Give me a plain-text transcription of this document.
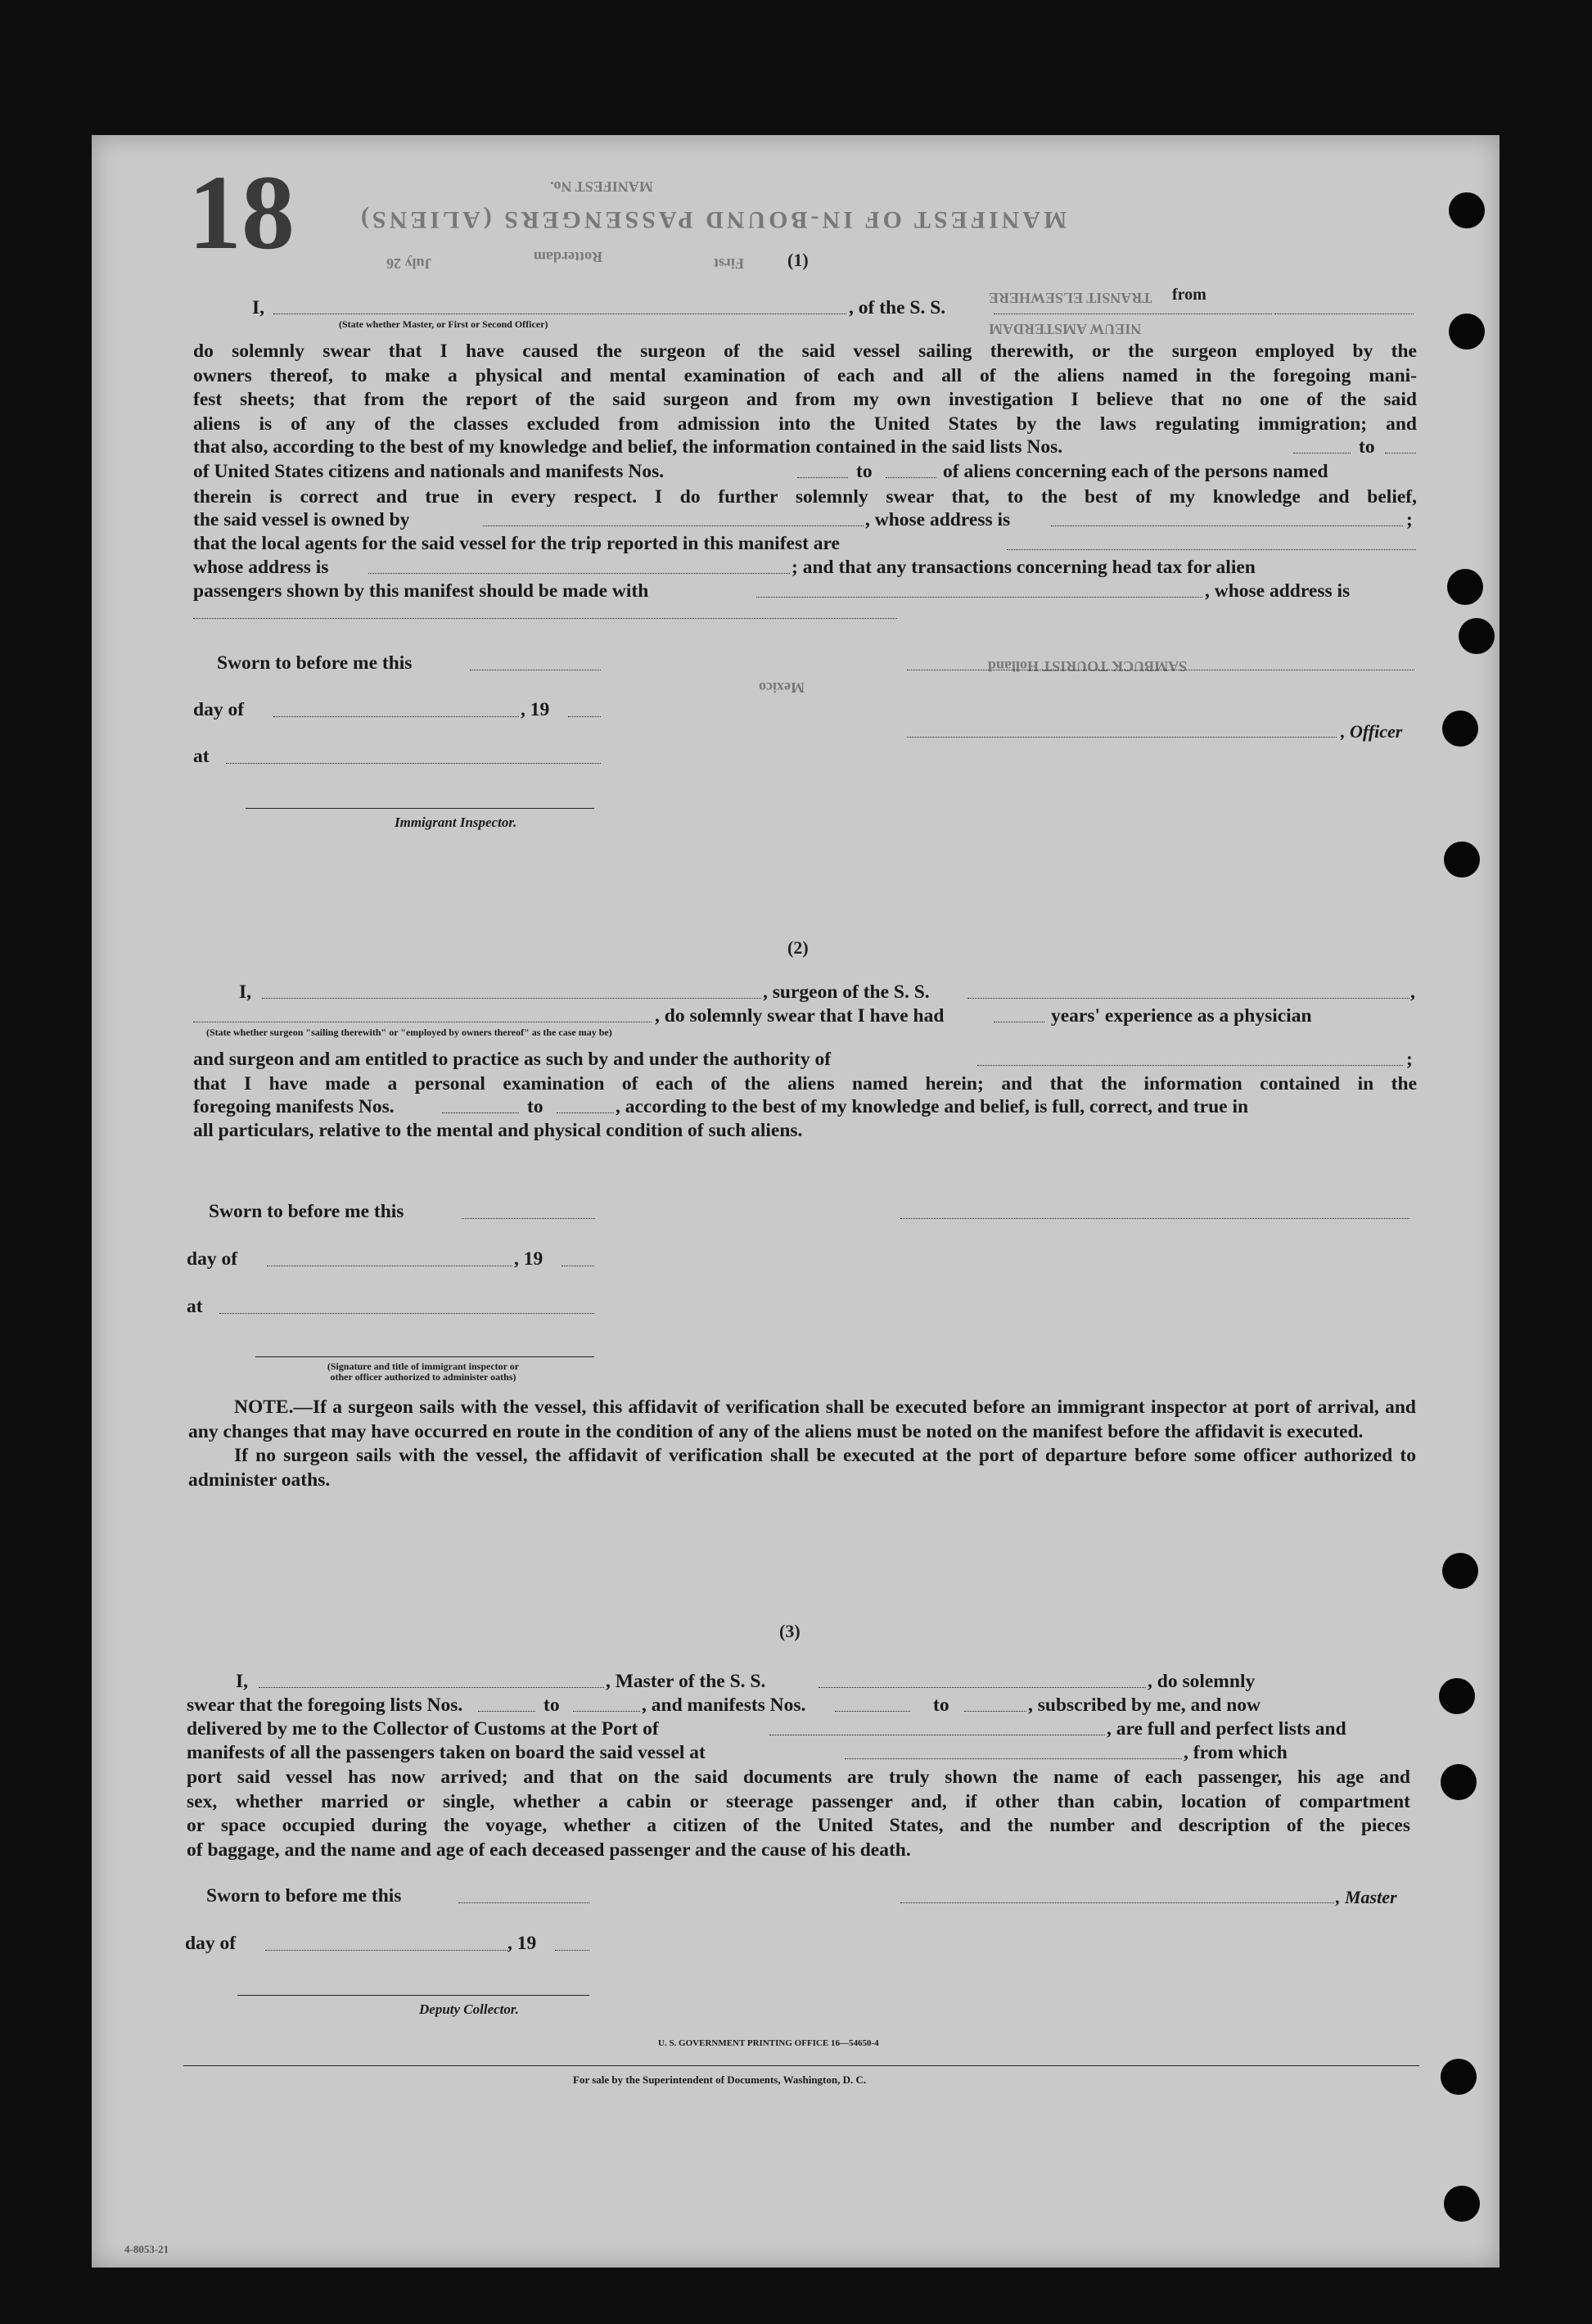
18	MANIFEST No.
MANIFEST OF IN-BOUND PASSENGERS (ALIENS)
Rotterdam
July 26	First
TRANSIT ELSEWHERE
NIEUW AMSTERDAM
SAMBUCK TOURIST Holland
Mexico
(1)
I,	, of the S. S.
from
(State whether Master, or First or Second Officer)

do solemnly swear that I have caused the surgeon of the said vessel sailing therewith, or the surgeon employed by the

owners thereof, to make a physical and mental examination of each and all of the aliens named in the foregoing mani-

fest sheets; that from the report of the said surgeon and from my own investigation I believe that no one of the said

aliens is of any of the classes excluded from admission into the United States by the laws regulating immigration; and

that also, according to the best of my knowledge and belief, the information contained in the said lists Nos.	to
of United States citizens and nationals and manifests Nos.	to	of aliens concerning each of the persons named

therein is correct and true in every respect. I do further solemnly swear that, to the best of my knowledge and belief,

the said vessel is owned by	, whose address is	;
that the local agents for the said vessel for the trip reported in this manifest are
whose address is	; and that any transactions concerning head tax for alien
passengers shown by this manifest should be made with	, whose address is
Sworn to before me this
day of	, 19
, Officer
at
Immigrant Inspector.
(2)
I,	, surgeon of the S. S.	,
, do solemnly swear that I have had	years' experience as a physician
(State whether surgeon "sailing therewith" or "employed by owners thereof" as the case may be)
and surgeon and am entitled to practice as such by and under the authority of	;

that I have made a personal examination of each of the aliens named herein; and that the information contained in the

foregoing manifests Nos.	to	, according to the best of my knowledge and belief, is full, correct, and true in
all particulars, relative to the mental and physical condition of such aliens.
Sworn to before me this
day of	, 19
at
(Signature and title of immigrant inspector or
other officer authorized to administer oaths)

NOTE.—If a surgeon sails with the vessel, this affidavit of verification shall be executed before an immigrant inspector at port of arrival, and any changes that may have occurred en route in the condition of any of the aliens must be noted on the manifest before the affidavit is executed.

If no surgeon sails with the vessel, the affidavit of verification shall be executed at the port of departure before some officer authorized to administer oaths.

(3)
I,	, Master of the S. S.	, do solemnly
swear that the foregoing lists Nos.	to	, and manifests Nos.	to	, subscribed by me, and now
delivered by me to the Collector of Customs at the Port of	, are full and perfect lists and
manifests of all the passengers taken on board the said vessel at	, from which

port said vessel has now arrived; and that on the said documents are truly shown the name of each passenger, his age and

sex, whether married or single, whether a cabin or steerage passenger and, if other than cabin, location of compartment

or space occupied during the voyage, whether a citizen of the United States, and the number and description of the pieces

of baggage, and the name and age of each deceased passenger and the cause of his death.

Sworn to before me this	, Master
day of	, 19
Deputy Collector.
U. S. GOVERNMENT PRINTING OFFICE 16—54650-4
For sale by the Superintendent of Documents, Washington, D. C.
4-8053-21
